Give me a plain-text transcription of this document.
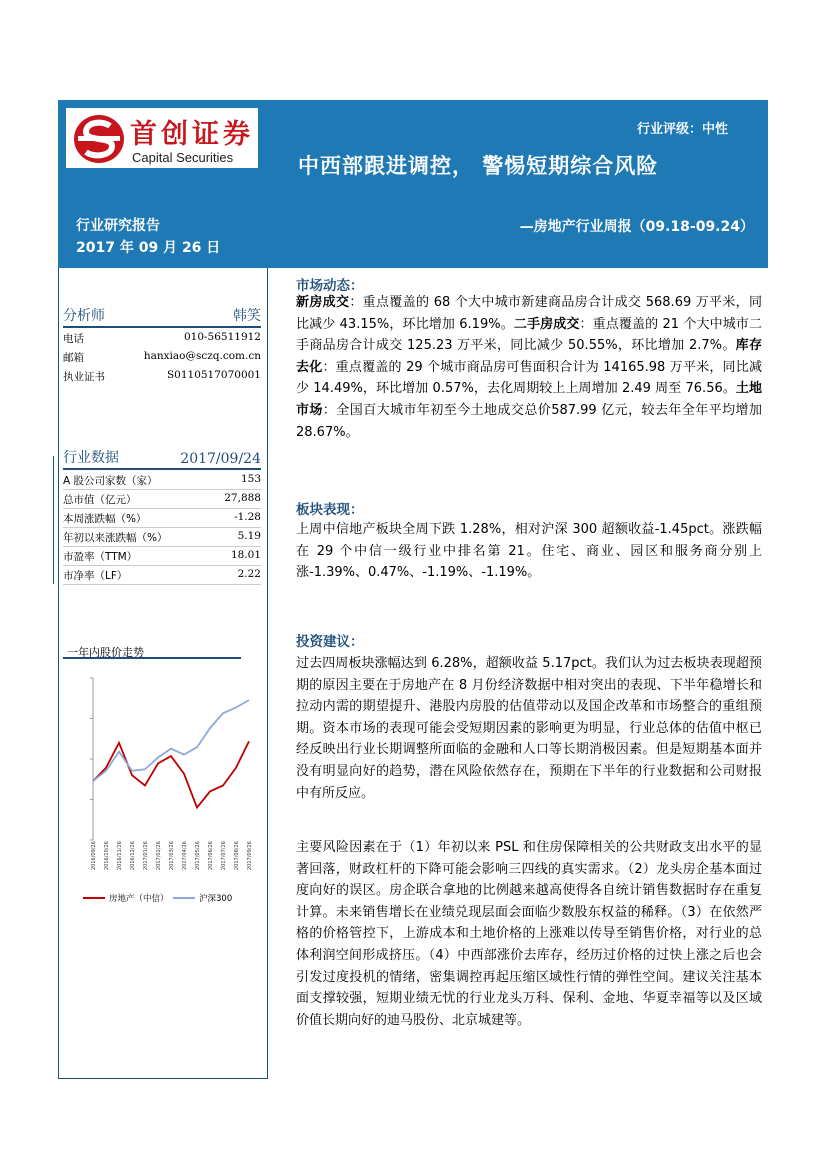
首创证券
Capital Securities
行业评级：中性
中西部跟进调控， 警惕短期综合风险
行业研究报告
2017 年 09 月 26 日
—房地产行业周报（09.18-09.24）
分析师	韩笑
电话	010-56511912
邮箱	hanxiao@sczq.com.cn
执业证书	S0110517070001
行业数据	2017/09/24
A 股公司家数（家）	153
总市值（亿元）	27,888
本周涨跌幅（%）	-1.28
年初以来涨跌幅（%）	5.19
市盈率（TTM）	18.01
市净率（LF）	2.22
一年内股价走势
2016/09/26 2016/10/26 2016/11/26 2016/12/26 2017/01/26 2017/02/26 2017/03/26 2017/04/26 2017/05/26 2017/06/26 2017/07/26 2017/08/26 2017/09/26
房地产（中信）	沪深300
市场动态：
新房成交：重点覆盖的 68 个大中城市新建商品房合计成交 568.69 万平米，同比减少 43.15%，环比增加 6.19%。二手房成交：重点覆盖的 21 个大中城市二手商品房合计成交 125.23 万平米，同比减少 50.55%，环比增加 2.7%。库存去化：重点覆盖的 29 个城市商品房可售面积合计为 14165.98 万平米，同比减少 14.49%，环比增加 0.57%，去化周期较上上周增加 2.49 周至 76.56。土地市场：全国百大城市年初至今土地成交总价587.99 亿元，较去年全年平均增加28.67%。
板块表现：
上周中信地产板块全周下跌 1.28%，相对沪深 300 超额收益-1.45pct。涨跌幅在 29 个中信一级行业中排名第 21。住宅、商业、园区和服务商分别上涨-1.39%、0.47%、-1.19%、-1.19%。
投资建议：
过去四周板块涨幅达到 6.28%，超额收益 5.17pct。我们认为过去板块表现超预期的原因主要在于房地产在 8 月份经济数据中相对突出的表现、下半年稳增长和拉动内需的期望提升、港股内房股的估值带动以及国企改革和市场整合的重组预期。资本市场的表现可能会受短期因素的影响更为明显，行业总体的估值中枢已经反映出行业长期调整所面临的金融和人口等长期消极因素。但是短期基本面并没有明显向好的趋势，潜在风险依然存在，预期在下半年的行业数据和公司财报中有所反应。
主要风险因素在于（1）年初以来 PSL 和住房保障相关的公共财政支出水平的显著回落，财政杠杆的下降可能会影响三四线的真实需求。（2）龙头房企基本面过度向好的误区。房企联合拿地的比例越来越高使得各自统计销售数据时存在重复计算。未来销售增长在业绩兑现层面会面临少数股东权益的稀释。（3）在依然严格的价格管控下，上游成本和土地价格的上涨难以传导至销售价格，对行业的总体利润空间形成挤压。（4）中西部涨价去库存，经历过价格的过快上涨之后也会引发过度投机的情绪，密集调控再起压缩区域性行情的弹性空间。建议关注基本面支撑较强，短期业绩无忧的行业龙头万科、保利、金地、华夏幸福等以及区域价值长期向好的迪马股份、北京城建等。
